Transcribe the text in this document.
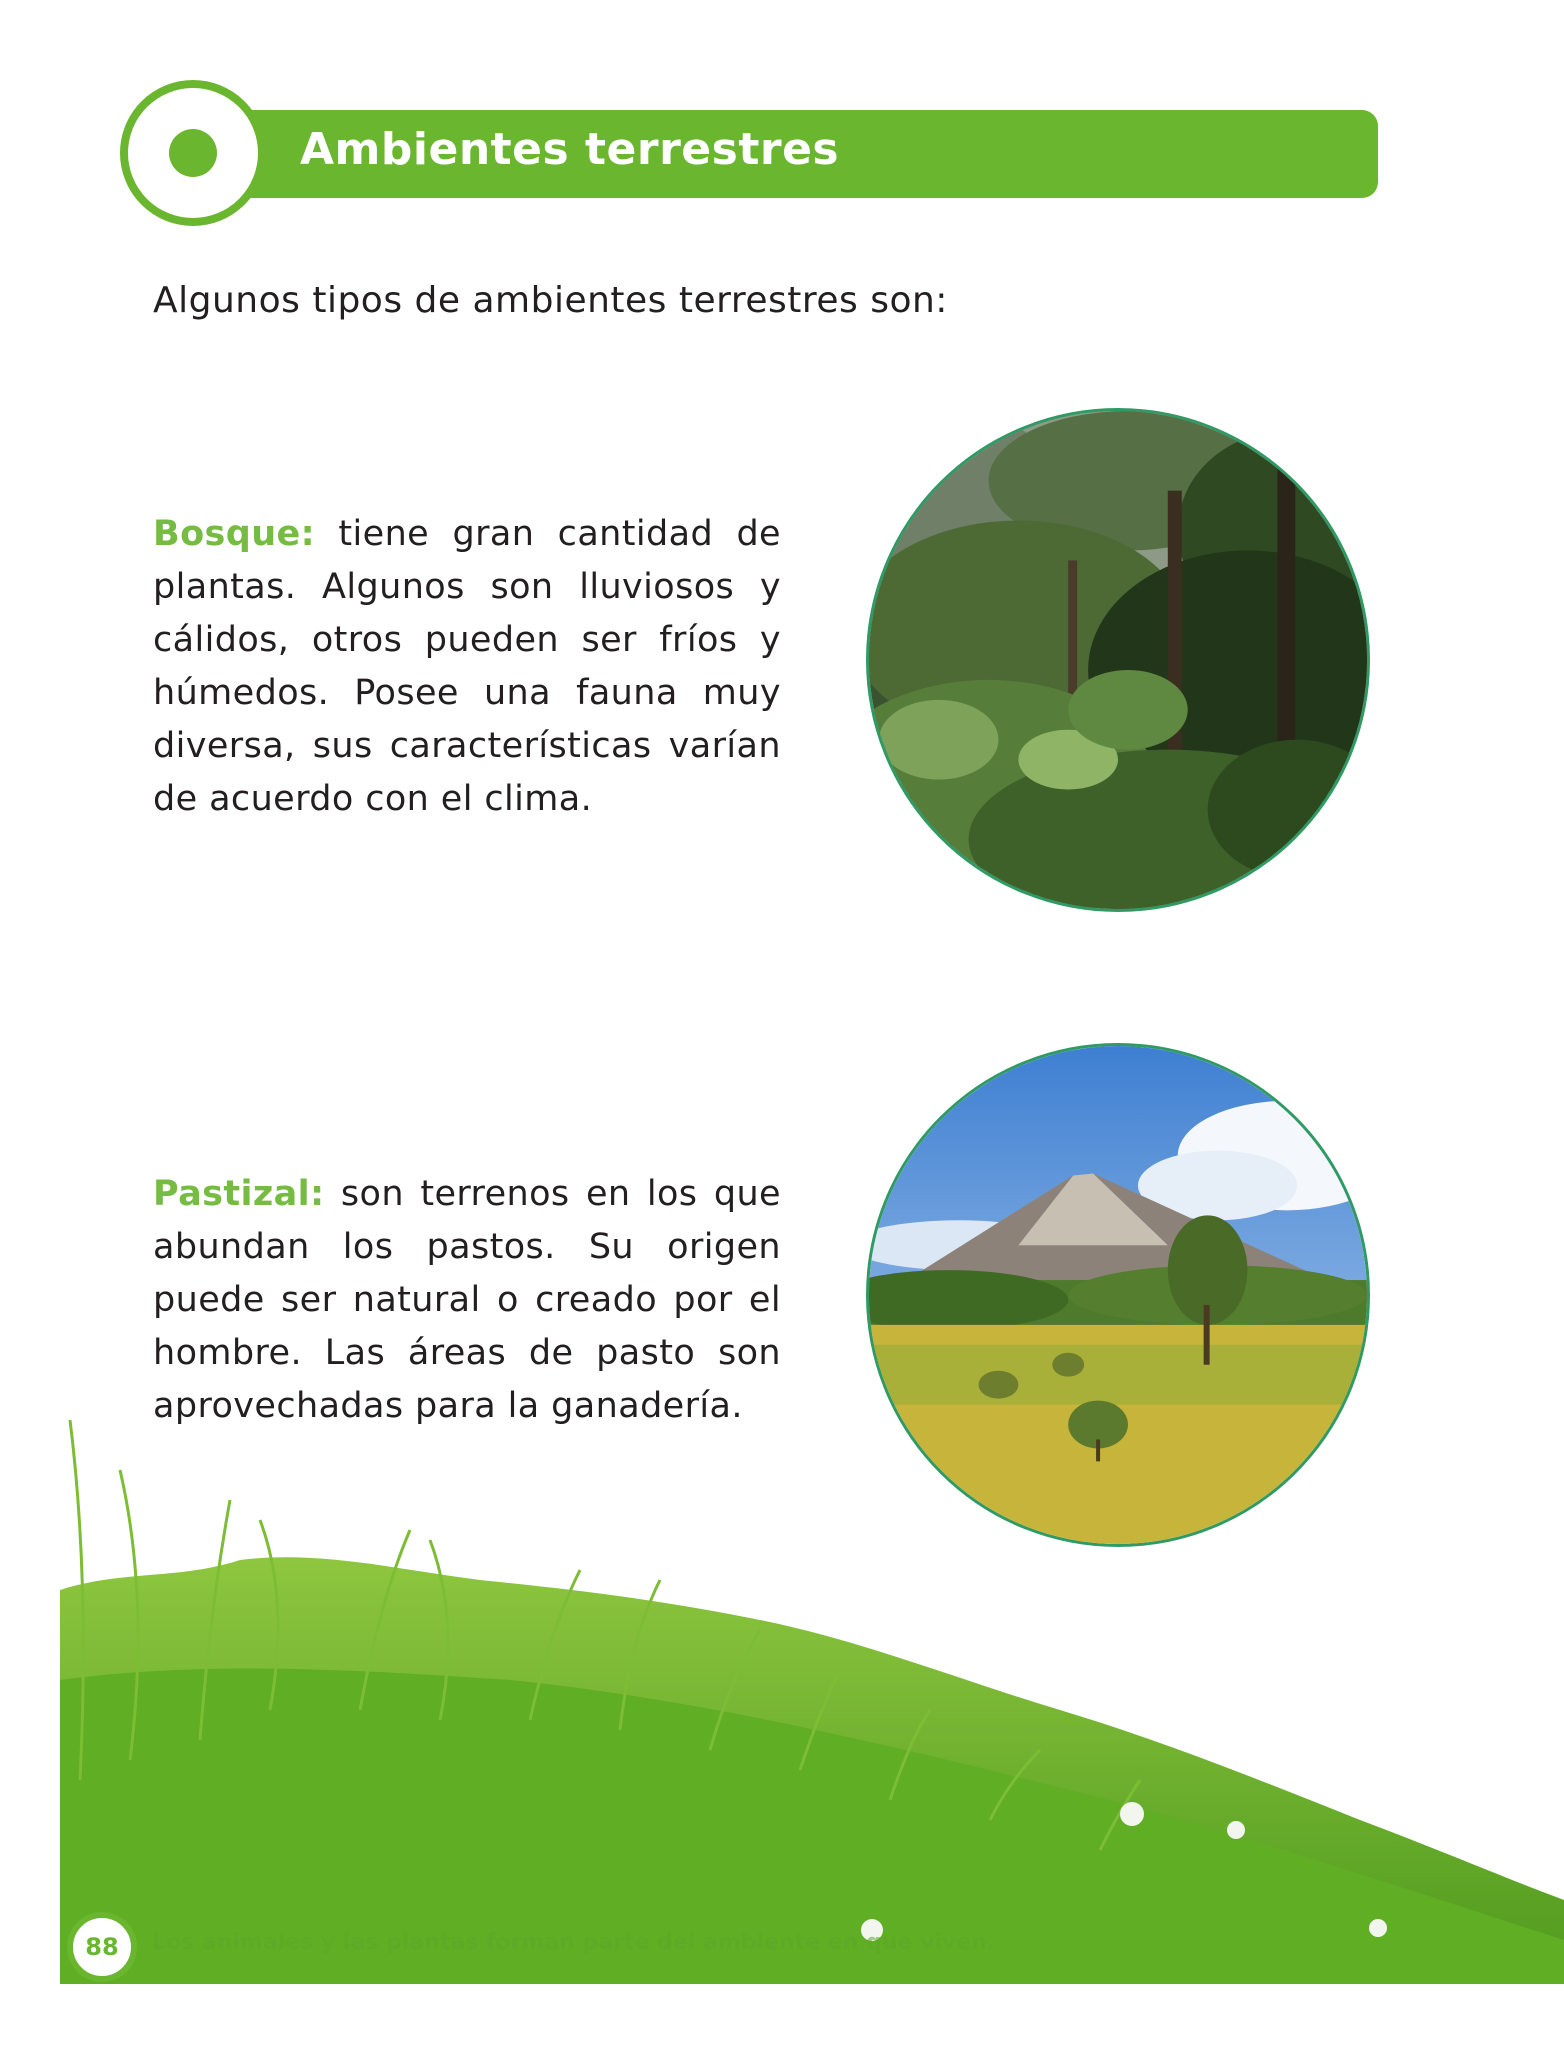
Ambientes terrestres

Algunos tipos de ambientes terrestres son:

Bosque: tiene gran cantidad de plantas. Algunos son lluviosos y cálidos, otros pueden ser fríos y húmedos. Posee una fauna muy diversa, sus características varían de acuerdo con el clima.

Pastizal: son terrenos en los que abundan los pastos. Su origen puede ser natural o creado por el hombre. Las áreas de pasto son aprovechadas para la ganadería.

88	Los animales y las plantas forman parte del ambiente en que viven.
